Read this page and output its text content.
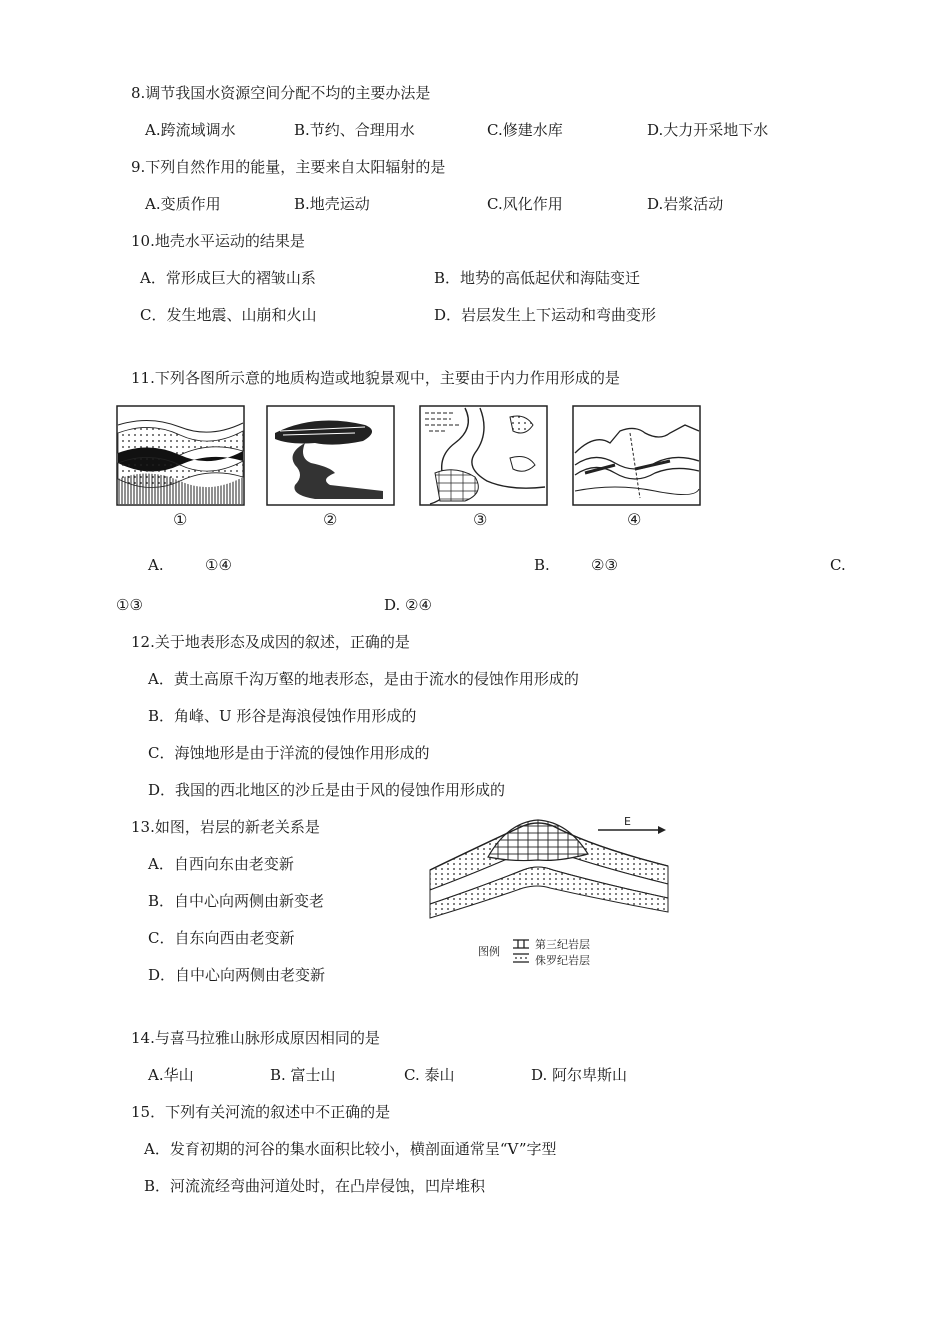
8.调节我国水资源空间分配不均的主要办法是
A.跨流域调水	B.节约、合理用水	C.修建水库	D.大力开采地下水
9.下列自然作用的能量，主要来自太阳辐射的是
A.变质作用	B.地壳运动	C.风化作用	D.岩浆活动
10.地壳水平运动的结果是
A．常形成巨大的褶皱山系	B．地势的高低起伏和海陆变迁
C．发生地震、山崩和火山	D．岩层发生上下运动和弯曲变形
11.下列各图所示意的地质构造或地貌景观中，主要由于内力作用形成的是
①	②	③	④
A.	①④	B.	②③	C.
①③	D. ②④
12.关于地表形态及成因的叙述，正确的是
A．黄土高原千沟万壑的地表形态，是由于流水的侵蚀作用形成的
B．角峰、U 形谷是海浪侵蚀作用形成的
C．海蚀地形是由于洋流的侵蚀作用形成的
D．我国的西北地区的沙丘是由于风的侵蚀作用形成的
13.如图，岩层的新老关系是
A．自西向东由老变新
B．自中心向两侧由新变老
C．自东向西由老变新
D．自中心向两侧由老变新
E
图例
第三纪岩层
侏罗纪岩层
14.与喜马拉雅山脉形成原因相同的是
A.华山	B. 富士山	C. 泰山	D. 阿尔卑斯山
15．下列有关河流的叙述中不正确的是
A．发育初期的河谷的集水面积比较小，横剖面通常呈“V”字型
B．河流流经弯曲河道处时，在凸岸侵蚀，凹岸堆积
